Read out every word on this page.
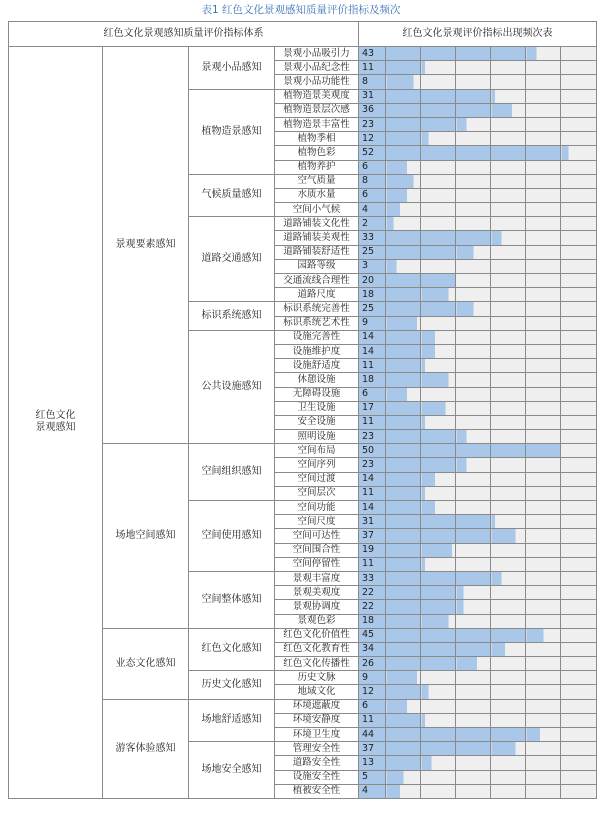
表1 红色文化景观感知质量评价指标及频次
红色文化景观感知质量评价指标体系				红色文化景观评价指标出现频次表						
红色文化
景观感知	景观要素感知	景观小品感知	景观小品吸引力	43						
			景观小品纪念性	11						
			景观小品功能性	8						
		植物造景感知	植物造景美观度	31						
			植物造景层次感	36						
			植物造景丰富性	23						
			植物季相	12						
			植物色彩	52						
			植物养护	6						
		气候质量感知	空气质量	8						
			水质水量	6						
			空间小气候	4						
		道路交通感知	道路铺装文化性	2						
			道路铺装美观性	33						
			道路铺装舒适性	25						
			园路等级	3						
			交通流线合理性	20						
			道路尺度	18						
		标识系统感知	标识系统完善性	25						
			标识系统艺术性	9						
		公共设施感知	设施完善性	14						
			设施维护度	14						
			设施舒适度	11						
			休憩设施	18						
			无障碍设施	6						
			卫生设施	17						
			安全设施	11						
			照明设施	23						
	场地空间感知	空间组织感知	空间布局	50						
			空间序列	23						
			空间过渡	14						
			空间层次	11						
		空间使用感知	空间功能	14						
			空间尺度	31						
			空间可达性	37						
			空间围合性	19						
			空间停留性	11						
		空间整体感知	景观丰富度	33						
			景观美观度	22						
			景观协调度	22						
			景观色彩	18						
	业态文化感知	红色文化感知	红色文化价值性	45						
			红色文化教育性	34						
			红色文化传播性	26						
		历史文化感知	历史文脉	9						
			地域文化	12						
	游客体验感知	场地舒适感知	环境遮蔽度	6						
			环境安静度	11						
			环境卫生度	44						
		场地安全感知	管理安全性	37						
			道路安全性	13						
			设施安全性	5						
			植被安全性	4						
